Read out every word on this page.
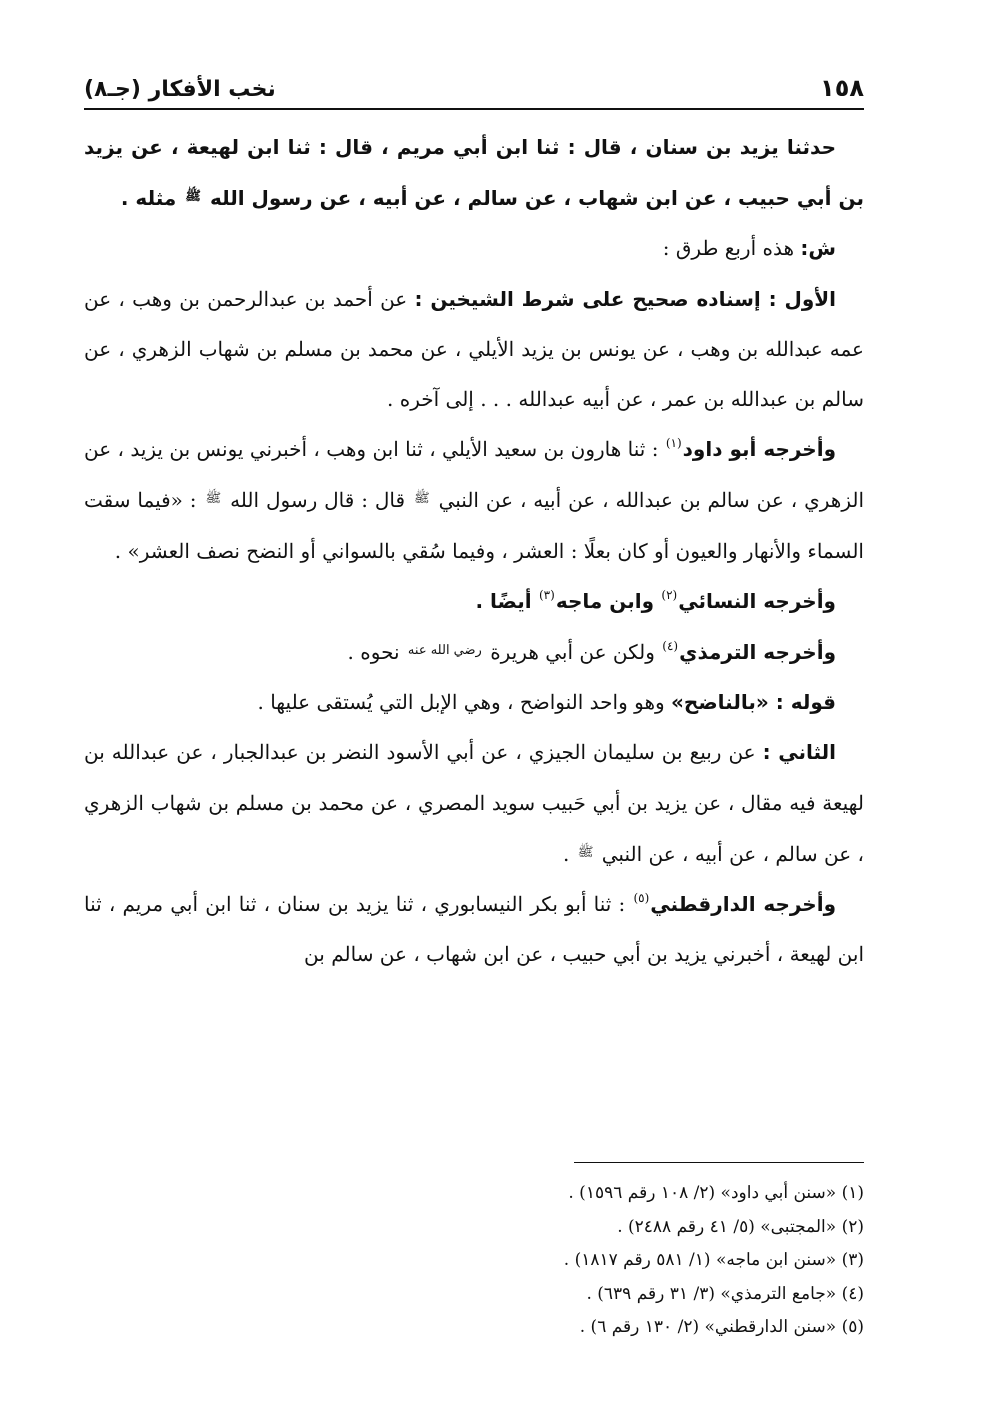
١٥٨
نخب الأفكار (جـ٨)

حدثنا يزيد بن سنان ، قال : ثنا ابن أبي مريم ، قال : ثنا ابن لهيعة ، عن يزيد بن أبي حبيب ، عن ابن شهاب ، عن سالم ، عن أبيه ، عن رسول الله $^ﷺ$ مثله .

ش: هذه أربع طرق :

الأول : إسناده صحيح على شرط الشيخين : عن أحمد بن عبدالرحمن بن وهب ، عن عمه عبدالله بن وهب ، عن يونس بن يزيد الأيلي ، عن محمد بن مسلم بن شهاب الزهري ، عن سالم بن عبدالله بن عمر ، عن أبيه عبدالله . . . إلى آخره .

وأخرجه أبو داود$^{(١)}$ : ثنا هارون بن سعيد الأيلي ، ثنا ابن وهب ، أخبرني يونس بن يزيد ، عن الزهري ، عن سالم بن عبدالله ، عن أبيه ، عن النبي $^ﷺ$ قال : قال رسول الله $^ﷺ$ : «فيما سقت السماء والأنهار والعيون أو كان بعلًا : العشر ، وفيما سُقي بالسواني أو النضح نصف العشر» .

وأخرجه النسائي$^{(٢)}$ وابن ماجه$^{(٣)}$ أيضًا .

وأخرجه الترمذي$^{(٤)}$ ولكن عن أبي هريرة $^{رضي الله عنه}$ نحوه .

قوله : «بالناضح» وهو واحد النواضح ، وهي الإبل التي يُستقى عليها .

الثاني : عن ربيع بن سليمان الجيزي ، عن أبي الأسود النضر بن عبدالجبار ، عن عبدالله بن لهيعة فيه مقال ، عن يزيد بن أبي حَبيب سويد المصري ، عن محمد بن مسلم بن شهاب الزهري ، عن سالم ، عن أبيه ، عن النبي $^ﷺ$ .

وأخرجه الدارقطني$^{(٥)}$ : ثنا أبو بكر النيسابوري ، ثنا يزيد بن سنان ، ثنا ابن أبي مريم ، ثنا ابن لهيعة ، أخبرني يزيد بن أبي حبيب ، عن ابن شهاب ، عن سالم بن

(١) «سنن أبي داود» (٢/ ١٠٨ رقم ١٥٩٦) .

(٢) «المجتبى» (٥/ ٤١ رقم ٢٤٨٨) .

(٣) «سنن ابن ماجه» (١/ ٥٨١ رقم ١٨١٧) .

(٤) «جامع الترمذي» (٣/ ٣١ رقم ٦٣٩) .

(٥) «سنن الدارقطني» (٢/ ١٣٠ رقم ٦) .
